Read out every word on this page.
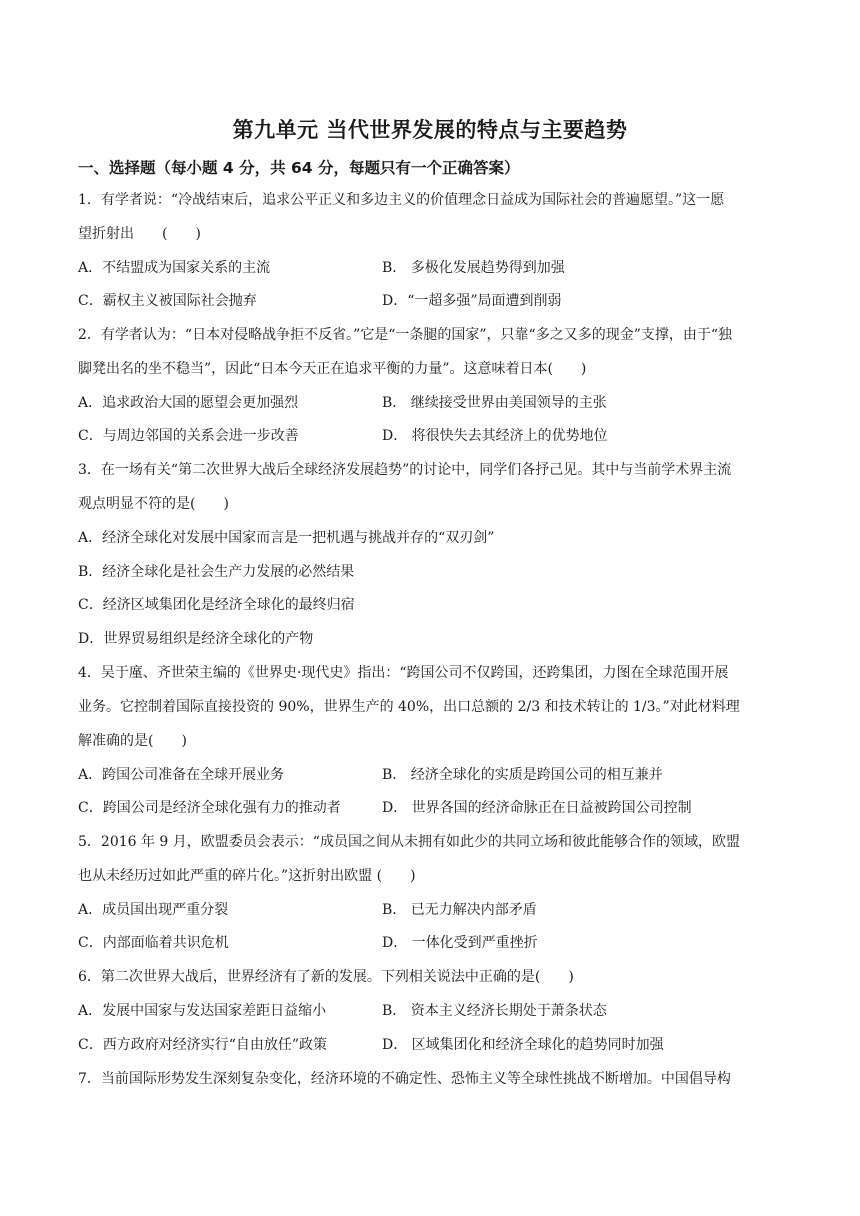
第九单元 当代世界发展的特点与主要趋势
一、选择题（每小题 4 分，共 64 分，每题只有一个正确答案）
1．有学者说：“冷战结束后，追求公平正义和多边主义的价值理念日益成为国际社会的普遍愿望。”这一愿
望折射出　　(　　)
A．不结盟成为国家关系的主流	B． 多极化发展趋势得到加强
C．霸权主义被国际社会抛弃	D．“一超多强”局面遭到削弱
2．有学者认为：“日本对侵略战争拒不反省。”它是“一条腿的国家”，只靠“多之又多的现金”支撑，由于“独
脚凳出名的坐不稳当”，因此“日本今天正在追求平衡的力量”。这意味着日本(　　)
A．追求政治大国的愿望会更加强烈	B． 继续接受世界由美国领导的主张
C．与周边邻国的关系会进一步改善	D． 将很快失去其经济上的优势地位
3．在一场有关“第二次世界大战后全球经济发展趋势”的讨论中，同学们各抒己见。其中与当前学术界主流
观点明显不符的是(　　)
A．经济全球化对发展中国家而言是一把机遇与挑战并存的“双刃剑”
B．经济全球化是社会生产力发展的必然结果
C．经济区域集团化是经济全球化的最终归宿
D．世界贸易组织是经济全球化的产物
4．吴于廑、齐世荣主编的《世界史·现代史》指出：“跨国公司不仅跨国，还跨集团，力图在全球范围开展
业务。它控制着国际直接投资的 90%，世界生产的 40%，出口总额的 2/3 和技术转让的 1/3。”对此材料理
解准确的是(　　)
A．跨国公司准备在全球开展业务	B． 经济全球化的实质是跨国公司的相互兼并
C．跨国公司是经济全球化强有力的推动者	D． 世界各国的经济命脉正在日益被跨国公司控制
5．2016 年 9 月，欧盟委员会表示：“成员国之间从未拥有如此少的共同立场和彼此能够合作的领域，欧盟
也从未经历过如此严重的碎片化。”这折射出欧盟 (　　)
A．成员国出现严重分裂	B． 已无力解决内部矛盾
C．内部面临着共识危机	D． 一体化受到严重挫折
6．第二次世界大战后，世界经济有了新的发展。下列相关说法中正确的是(　　)
A．发展中国家与发达国家差距日益缩小	B． 资本主义经济长期处于萧条状态
C．西方政府对经济实行“自由放任”政策	D． 区域集团化和经济全球化的趋势同时加强
7．当前国际形势发生深刻复杂变化，经济环境的不确定性、恐怖主义等全球性挑战不断增加。中国倡导构
